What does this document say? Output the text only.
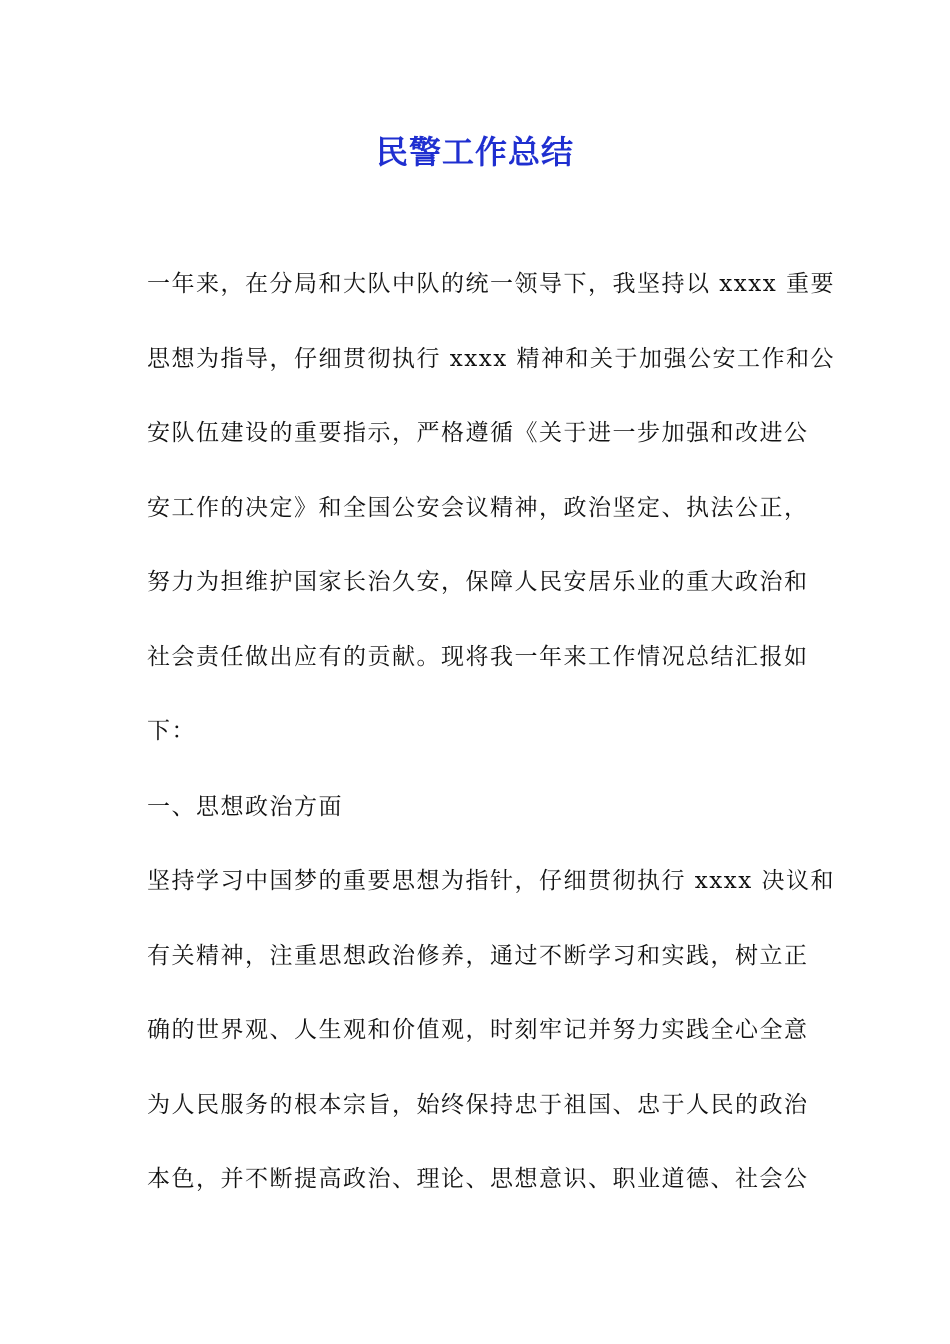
民警工作总结
一年来，在分局和大队中队的统一领导下，我坚持以 xxxx 重要
思想为指导，仔细贯彻执行 xxxx 精神和关于加强公安工作和公
安队伍建设的重要指示，严格遵循《关于进一步加强和改进公
安工作的决定》和全国公安会议精神，政治坚定、执法公正，
努力为担维护国家长治久安，保障人民安居乐业的重大政治和
社会责任做出应有的贡献。现将我一年来工作情况总结汇报如
下：
一、思想政治方面
坚持学习中国梦的重要思想为指针，仔细贯彻执行 xxxx 决议和
有关精神，注重思想政治修养，通过不断学习和实践，树立正
确的世界观、人生观和价值观，时刻牢记并努力实践全心全意
为人民服务的根本宗旨，始终保持忠于祖国、忠于人民的政治
本色，并不断提高政治、理论、思想意识、职业道德、社会公
